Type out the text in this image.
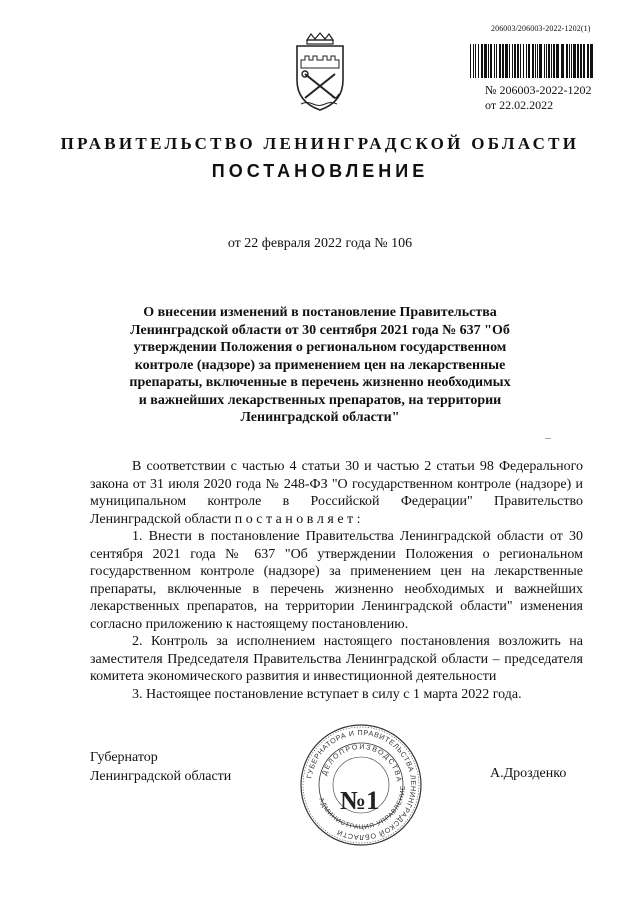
206003/206003-2022-1202(1)
№ 206003-2022-1202
от 22.02.2022
ПРАВИТЕЛЬСТВО ЛЕНИНГРАДСКОЙ ОБЛАСТИ
ПОСТАНОВЛЕНИЕ
от 22 февраля 2022 года № 106
О внесении изменений в постановление Правительства Ленинградской области от 30 сентября 2021 года № 637 "Об утверждении Положения о региональном государственном контроле (надзоре) за применением цен на лекарственные препараты, включенные в перечень жизненно необходимых и важнейших лекарственных препаратов, на территории Ленинградской области"

В соответствии с частью 4 статьи 30 и частью 2 статьи 98 Федерального закона от 31 июля 2020 года № 248-ФЗ "О государственном контроле (надзоре) и муниципальном контроле в Российской Федерации" Правительство Ленинградской области п о с т а н о в л я е т :

1. Внести в постановление Правительства Ленинградской области от 30 сентября 2021 года № 637 "Об утверждении Положения о региональном государственном контроле (надзоре) за применением цен на лекарственные препараты, включенные в перечень жизненно необходимых и важнейших лекарственных препаратов, на территории Ленинградской области" изменения согласно приложению к настоящему постановлению.

2. Контроль за исполнением настоящего постановления возложить на заместителя Председателя Правительства Ленинградской области – председателя комитета экономического развития и инвестиционной деятельности

3. Настоящее постановление вступает в силу с 1 марта 2022 года.

Губернатор
Ленинградской области	А.Дрозденко
ГУБЕРНАТОРА И ПРАВИТЕЛЬСТВА ЛЕНИНГРАДСКОЙ ОБЛАСТИ
ДЕЛОПРОИЗВОДСТВА
АДМИНИСТРАЦИЯ УПРАВЛЕНИЕ
№1
